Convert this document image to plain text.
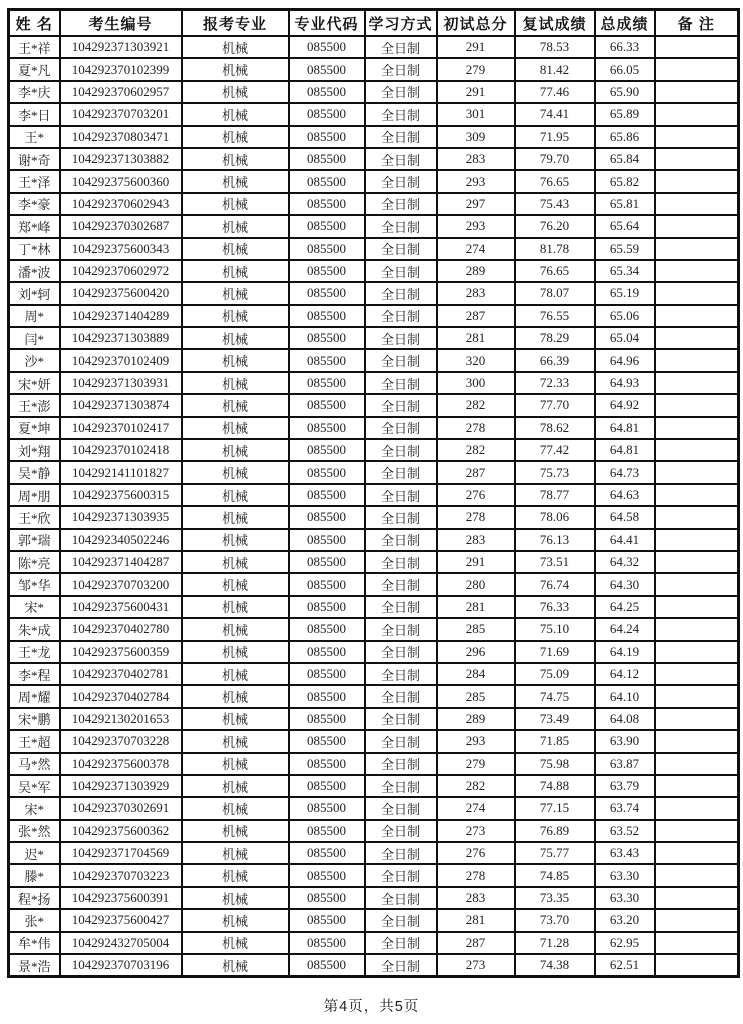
姓 名	考生编号	报考专业	专业代码	学习方式	初试总分	复试成绩	总成绩	备 注
王*祥	104292371303921	机械	085500	全日制	291	78.53	66.33	
夏*凡	104292370102399	机械	085500	全日制	279	81.42	66.05	
李*庆	104292370602957	机械	085500	全日制	291	77.46	65.90	
李*日	104292370703201	机械	085500	全日制	301	74.41	65.89	
王*	104292370803471	机械	085500	全日制	309	71.95	65.86	
谢*奇	104292371303882	机械	085500	全日制	283	79.70	65.84	
王*泽	104292375600360	机械	085500	全日制	293	76.65	65.82	
李*豪	104292370602943	机械	085500	全日制	297	75.43	65.81	
郑*峰	104292370302687	机械	085500	全日制	293	76.20	65.64	
丁*林	104292375600343	机械	085500	全日制	274	81.78	65.59	
潘*波	104292370602972	机械	085500	全日制	289	76.65	65.34	
刘*轲	104292375600420	机械	085500	全日制	283	78.07	65.19	
周*	104292371404289	机械	085500	全日制	287	76.55	65.06	
闫*	104292371303889	机械	085500	全日制	281	78.29	65.04	
沙*	104292370102409	机械	085500	全日制	320	66.39	64.96	
宋*妍	104292371303931	机械	085500	全日制	300	72.33	64.93	
王*澎	104292371303874	机械	085500	全日制	282	77.70	64.92	
夏*坤	104292370102417	机械	085500	全日制	278	78.62	64.81	
刘*翔	104292370102418	机械	085500	全日制	282	77.42	64.81	
吴*静	104292141101827	机械	085500	全日制	287	75.73	64.73	
周*朋	104292375600315	机械	085500	全日制	276	78.77	64.63	
王*欣	104292371303935	机械	085500	全日制	278	78.06	64.58	
郭*瑞	104292340502246	机械	085500	全日制	283	76.13	64.41	
陈*亮	104292371404287	机械	085500	全日制	291	73.51	64.32	
邹*华	104292370703200	机械	085500	全日制	280	76.74	64.30	
宋*	104292375600431	机械	085500	全日制	281	76.33	64.25	
朱*成	104292370402780	机械	085500	全日制	285	75.10	64.24	
王*龙	104292375600359	机械	085500	全日制	296	71.69	64.19	
李*程	104292370402781	机械	085500	全日制	284	75.09	64.12	
周*耀	104292370402784	机械	085500	全日制	285	74.75	64.10	
宋*鹏	104292130201653	机械	085500	全日制	289	73.49	64.08	
王*超	104292370703228	机械	085500	全日制	293	71.85	63.90	
马*然	104292375600378	机械	085500	全日制	279	75.98	63.87	
吴*军	104292371303929	机械	085500	全日制	282	74.88	63.79	
宋*	104292370302691	机械	085500	全日制	274	77.15	63.74	
张*然	104292375600362	机械	085500	全日制	273	76.89	63.52	
迟*	104292371704569	机械	085500	全日制	276	75.77	63.43	
滕*	104292370703223	机械	085500	全日制	278	74.85	63.30	
程*扬	104292375600391	机械	085500	全日制	283	73.35	63.30	
张*	104292375600427	机械	085500	全日制	281	73.70	63.20	
牟*伟	104292432705004	机械	085500	全日制	287	71.28	62.95	
景*浩	104292370703196	机械	085500	全日制	273	74.38	62.51	
第4页，共5页
